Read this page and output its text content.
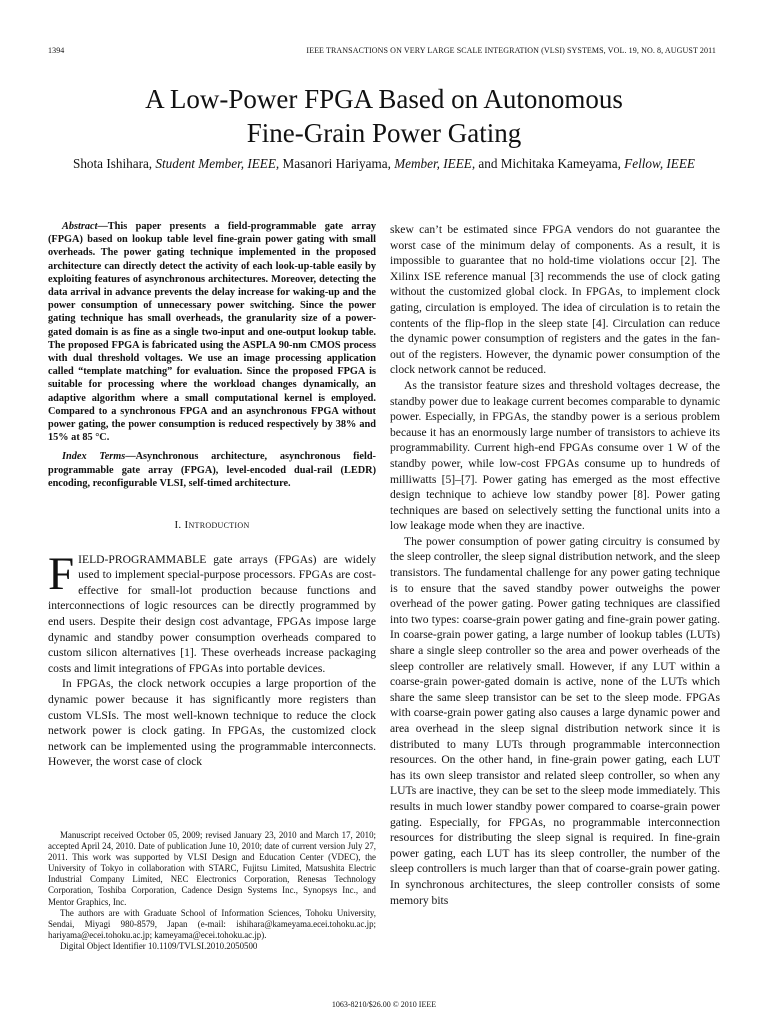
1394	IEEE TRANSACTIONS ON VERY LARGE SCALE INTEGRATION (VLSI) SYSTEMS, VOL. 19, NO. 8, AUGUST 2011
A Low-Power FPGA Based on Autonomous
Fine-Grain Power Gating
Shota Ishihara, Student Member, IEEE, Masanori Hariyama, Member, IEEE, and Michitaka Kameyama, Fellow, IEEE

Abstract—This paper presents a field-programmable gate array (FPGA) based on lookup table level fine-grain power gating with small overheads. The power gating technique implemented in the proposed architecture can directly detect the activity of each look-up-table easily by exploiting features of asynchronous architectures. Moreover, detecting the data arrival in advance prevents the delay increase for waking-up and the power consumption of unnecessary power switching. Since the power gating technique has small overheads, the granularity size of a power-gated domain is as fine as a single two-input and one-output lookup table. The proposed FPGA is fabricated using the ASPLA 90-nm CMOS process with dual threshold voltages. We use an image processing application called “template matching” for evaluation. Since the proposed FPGA is suitable for processing where the workload changes dynamically, an adaptive algorithm where a small computational kernel is employed. Compared to a synchronous FPGA and an asynchronous FPGA without power gating, the power consumption is reduced respectively by 38% and 15% at 85 °C.

Index Terms—Asynchronous architecture, asynchronous field-programmable gate array (FPGA), level-encoded dual-rail (LEDR) encoding, reconfigurable VLSI, self-timed architecture.

I. Introduction

FIELD-PROGRAMMABLE gate arrays (FPGAs) are widely used to implement special-purpose processors. FPGAs are cost-effective for small-lot production because functions and interconnections of logic resources can be directly programmed by end users. Despite their design cost advantage, FPGAs impose large dynamic and standby power consumption overheads compared to custom silicon alternatives [1]. These overheads increase packaging costs and limit integrations of FPGAs into portable devices.

In FPGAs, the clock network occupies a large proportion of the dynamic power because it has significantly more registers than custom VLSIs. The most well-known technique to reduce the clock network power is clock gating. In FPGAs, the customized clock network can be implemented using the programmable interconnects. However, the worst case of clock

Manuscript received October 05, 2009; revised January 23, 2010 and March 17, 2010; accepted April 24, 2010. Date of publication June 10, 2010; date of current version July 27, 2011. This work was supported by VLSI Design and Education Center (VDEC), the University of Tokyo in collaboration with STARC, Fujitsu Limited, Matsushita Electric Industrial Company Limited, NEC Electronics Corporation, Renesas Technology Corporation, Toshiba Corporation, Cadence Design Systems Inc., Synopsys Inc., and Mentor Graphics, Inc.

The authors are with Graduate School of Information Sciences, Tohoku University, Sendai, Miyagi 980-8579, Japan (e-mail: ishihara@kameyama.ecei.tohoku.ac.jp; hariyama@ecei.tohoku.ac.jp; kameyama@ecei.tohoku.ac.jp).

Digital Object Identifier 10.1109/TVLSI.2010.2050500

skew can’t be estimated since FPGA vendors do not guarantee the worst case of the minimum delay of components. As a result, it is impossible to guarantee that no hold-time violations occur [2]. The Xilinx ISE reference manual [3] recommends the use of clock gating without the customized global clock. In FPGAs, to implement clock gating, circulation is employed. The idea of circulation is to retain the contents of the flip-flop in the sleep state [4]. Circulation can reduce the dynamic power consumption of registers and the gates in the fan-out of the registers. However, the dynamic power consumption of the clock network cannot be reduced.

As the transistor feature sizes and threshold voltages decrease, the standby power due to leakage current becomes comparable to dynamic power. Especially, in FPGAs, the standby power is a serious problem because it has an enormously large number of transistors to achieve its programmability. Current high-end FPGAs consume over 1 W of the standby power, while low-cost FPGAs consume up to hundreds of milliwatts [5]–[7]. Power gating has emerged as the most effective design technique to achieve low standby power [8]. Power gating techniques are based on selectively setting the functional units into a low leakage mode when they are inactive.

The power consumption of power gating circuitry is consumed by the sleep controller, the sleep signal distribution network, and the sleep transistors. The fundamental challenge for any power gating technique is to ensure that the saved standby power outweighs the power overhead of the power gating. Power gating techniques are classified into two types: coarse-grain power gating and fine-grain power gating. In coarse-grain power gating, a large number of lookup tables (LUTs) share a single sleep controller so the area and power overheads of the sleep controller are relatively small. However, if any LUT within a coarse-grain power-gated domain is active, none of the LUTs which share the same sleep transistor can be set to the sleep mode. FPGAs with coarse-grain power gating also causes a large dynamic power and area overhead in the sleep signal distribution network since it is distributed to many LUTs through programmable interconnection resources. On the other hand, in fine-grain power gating, each LUT has its own sleep transistor and related sleep controller, so when any LUTs are inactive, they can be set to the sleep mode immediately. This results in much lower standby power compared to coarse-grain power gating. Especially, for FPGAs, no programmable interconnection resources for distributing the sleep signal is required. In fine-grain power gating, each LUT has its sleep controller, the number of the sleep controllers is much larger than that of coarse-grain power gating. In synchronous architectures, the sleep controller consists of some memory bits

1063-8210/$26.00 © 2010 IEEE
